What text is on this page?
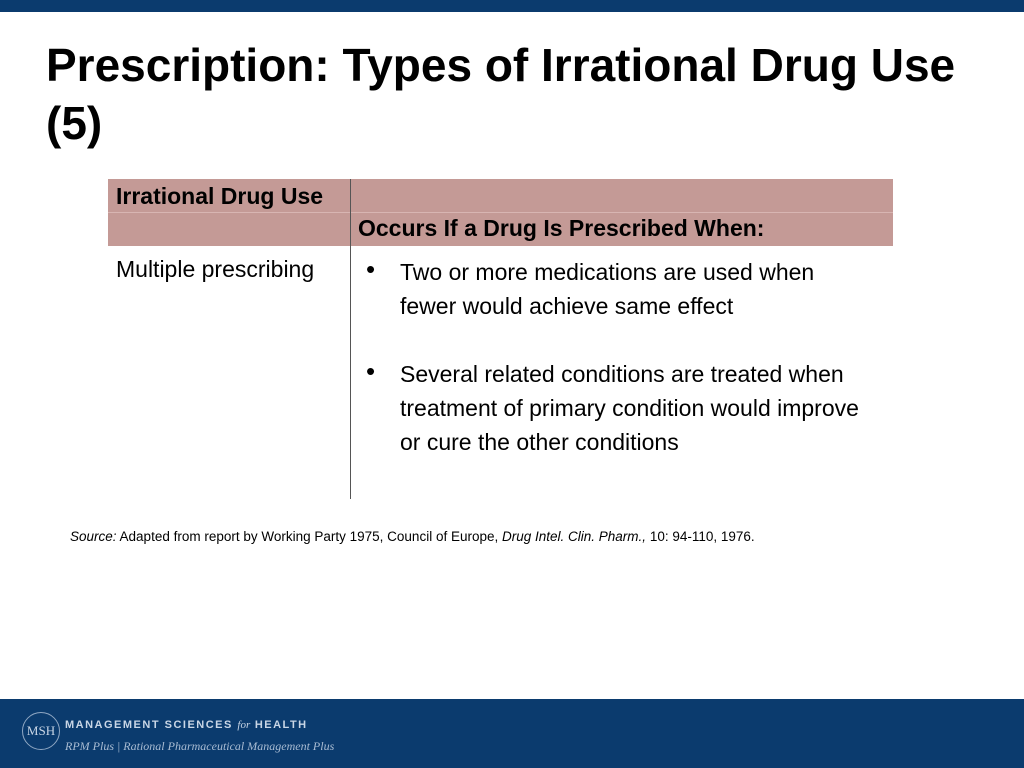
Prescription: Types of Irrational Drug Use (5)
Irrational Drug Use
Occurs If a Drug Is Prescribed When:
Multiple prescribing	• Two or more medications are used when fewer would achieve same effect
• Several related conditions are treated when treatment of primary condition would improve or cure the other conditions
Source: Adapted from report by Working Party 1975, Council of Europe, Drug Intel. Clin. Pharm., 10: 94-110, 1976.
MSH MANAGEMENT SCIENCES for HEALTH
RPM Plus | Rational Pharmaceutical Management Plus
